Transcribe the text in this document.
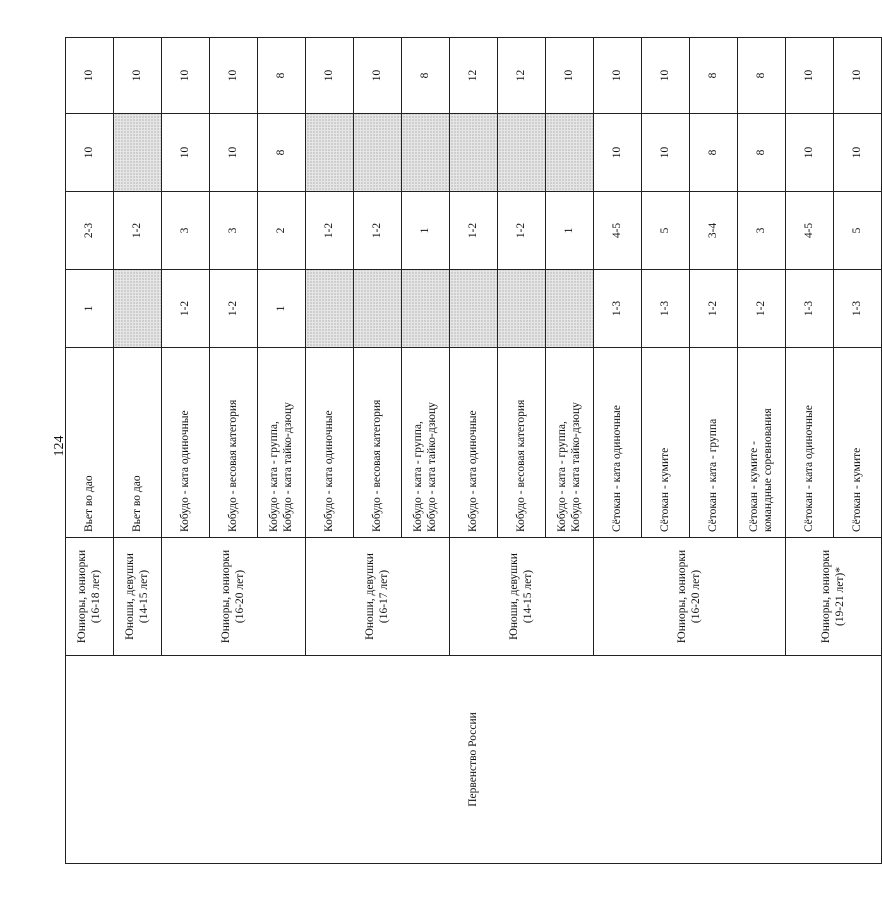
124
Первенство России	Юниоры, юниорки (16-18 лет)	Вьет во дао	1	2-3	10	10

	Юноши, девушки (14-15 лет)	Вьет во дао		1-2		10

	Юниоры, юниорки (16-20 лет)	Кобудо - ката одиночные	1-2	3	10	10

		Кобудо - весовая категория	1-2	3	10	10

		Кобудо - ката - группа, Кобудо - ката тайко-дзюцу	1	2	8	8

	Юноши, девушки (16-17 лет)	Кобудо - ката одиночные		1-2		10

		Кобудо - весовая категория		1-2		10

		Кобудо - ката - группа, Кобудо - ката тайко-дзюцу		1		8

	Юноши, девушки (14-15 лет)	Кобудо - ката одиночные		1-2		12

		Кобудо - весовая категория		1-2		12

		Кобудо - ката - группа, Кобудо - ката тайко-дзюцу		1		10

	Юниоры, юниорки (16-20 лет)	Сётокан - ката одиночные	1-3	4-5	10	10

		Сётокан - кумите	1-3	5	10	10

		Сётокан - ката - группа	1-2	3-4	8	8

		Сётокан - кумите - командные соревнования	1-2	3	8	8

	Юниоры, юниорки (19-21 лет)*	Сётокан - ката одиночные	1-3	4-5	10	10

		Сётокан - кумите	1-3	5	10	10
